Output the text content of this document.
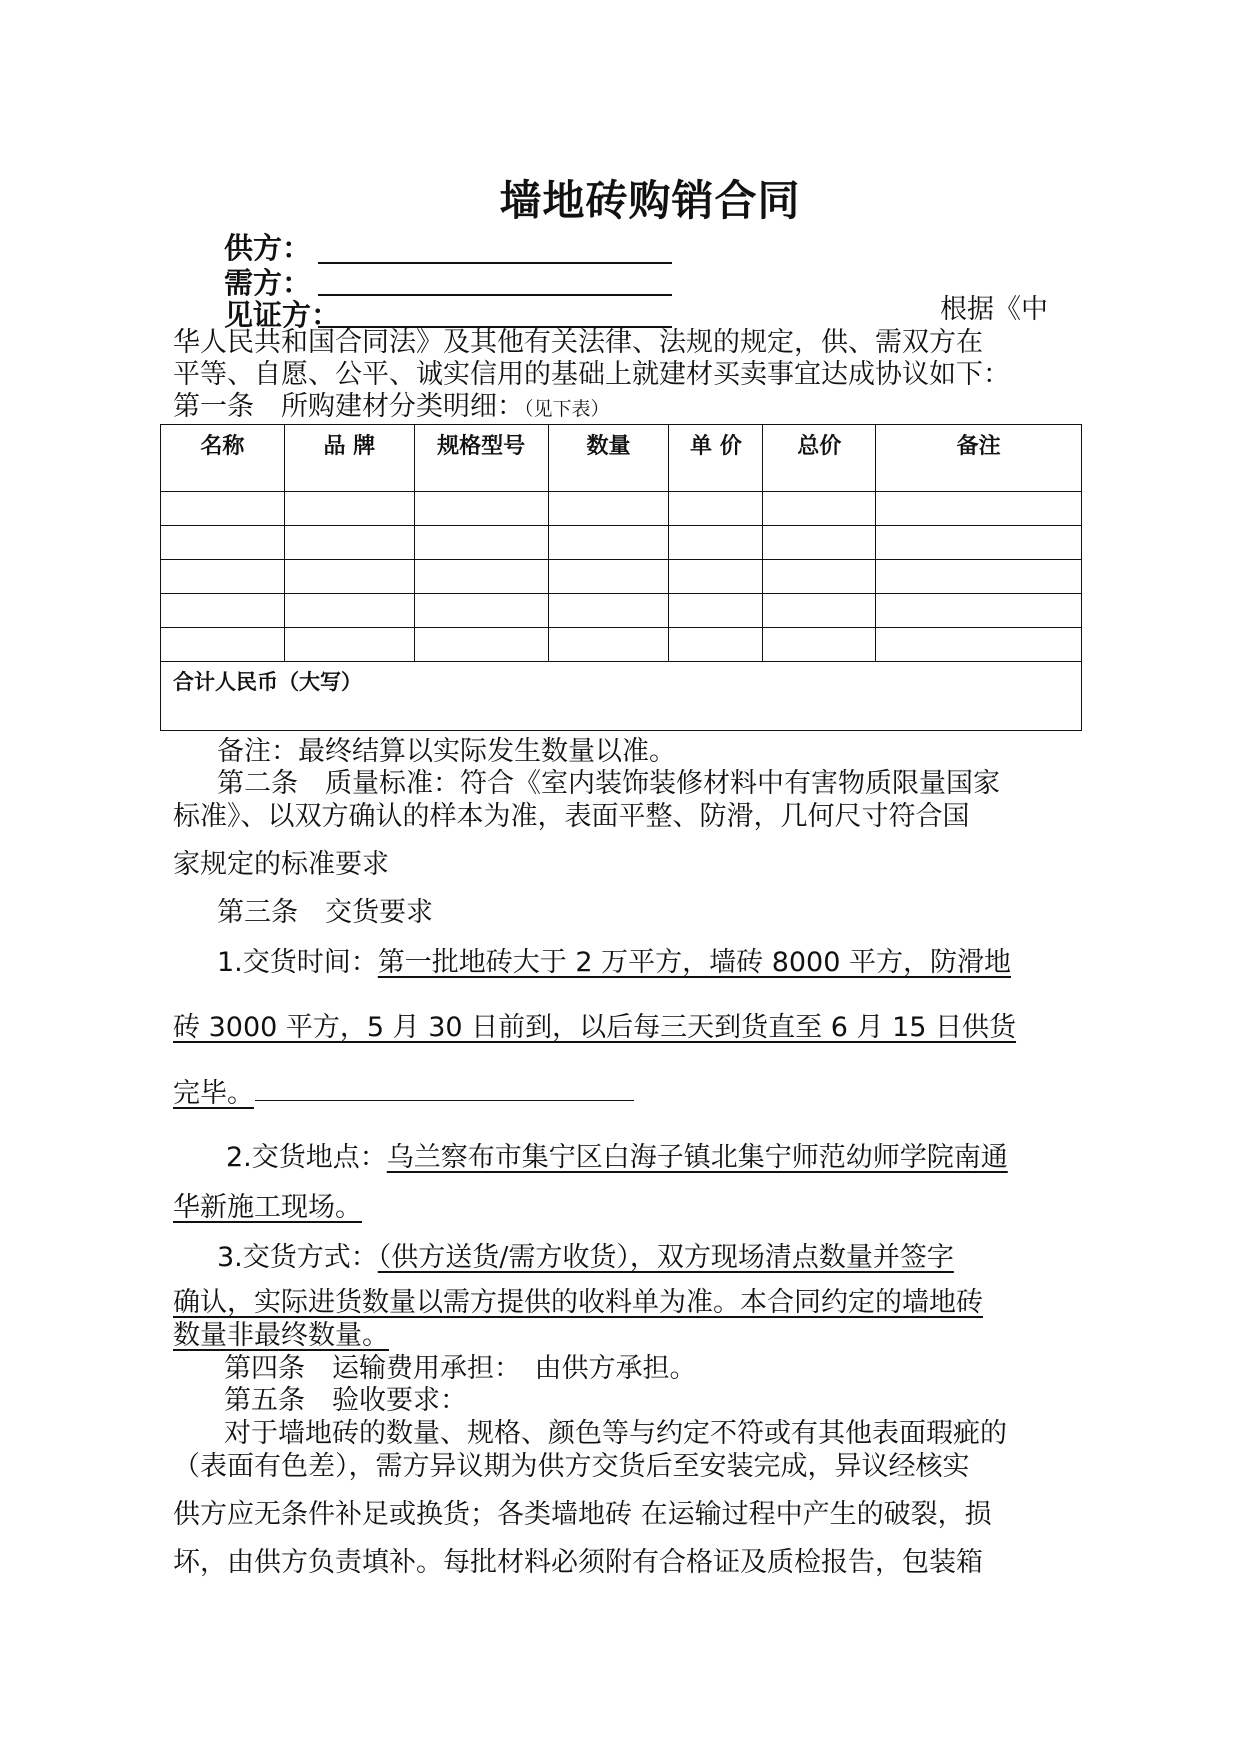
墙地砖购销合同
供方：
需方：
见证方：	根据《中
华人民共和国合同法》及其他有关法律、法规的规定，供、需双方在
平等、自愿、公平、诚实信用的基础上就建材买卖事宜达成协议如下：
第一条　所购建材分类明细：（见下表）
名称	品 牌	规格型号	数量	单 价	总价	备注

合计人民币（大写）						
备注：最终结算以实际发生数量以准。
第二条　质量标准：符合《室内装饰装修材料中有害物质限量国家
标准》、以双方确认的样本为准，表面平整、防滑，几何尺寸符合国
家规定的标准要求
第三条　交货要求
1.交货时间：第一批地砖大于 2 万平方，墙砖 8000 平方，防滑地
砖 3000 平方，5 月 30 日前到，以后每三天到货直至 6 月 15 日供货
完毕。
2.交货地点：乌兰察布市集宁区白海子镇北集宁师范幼师学院南通
华新施工现场。
3.交货方式：（供方送货/需方收货），双方现场清点数量并签字
确认，实际进货数量以需方提供的收料单为准。本合同约定的墙地砖
数量非最终数量。
第四条　运输费用承担：　由供方承担。
第五条　验收要求：
对于墙地砖的数量、规格、颜色等与约定不符或有其他表面瑕疵的
（表面有色差），需方异议期为供方交货后至安装完成，异议经核实
供方应无条件补足或换货；各类墙地砖 在运输过程中产生的破裂，损
坏，由供方负责填补。每批材料必须附有合格证及质检报告，包装箱
